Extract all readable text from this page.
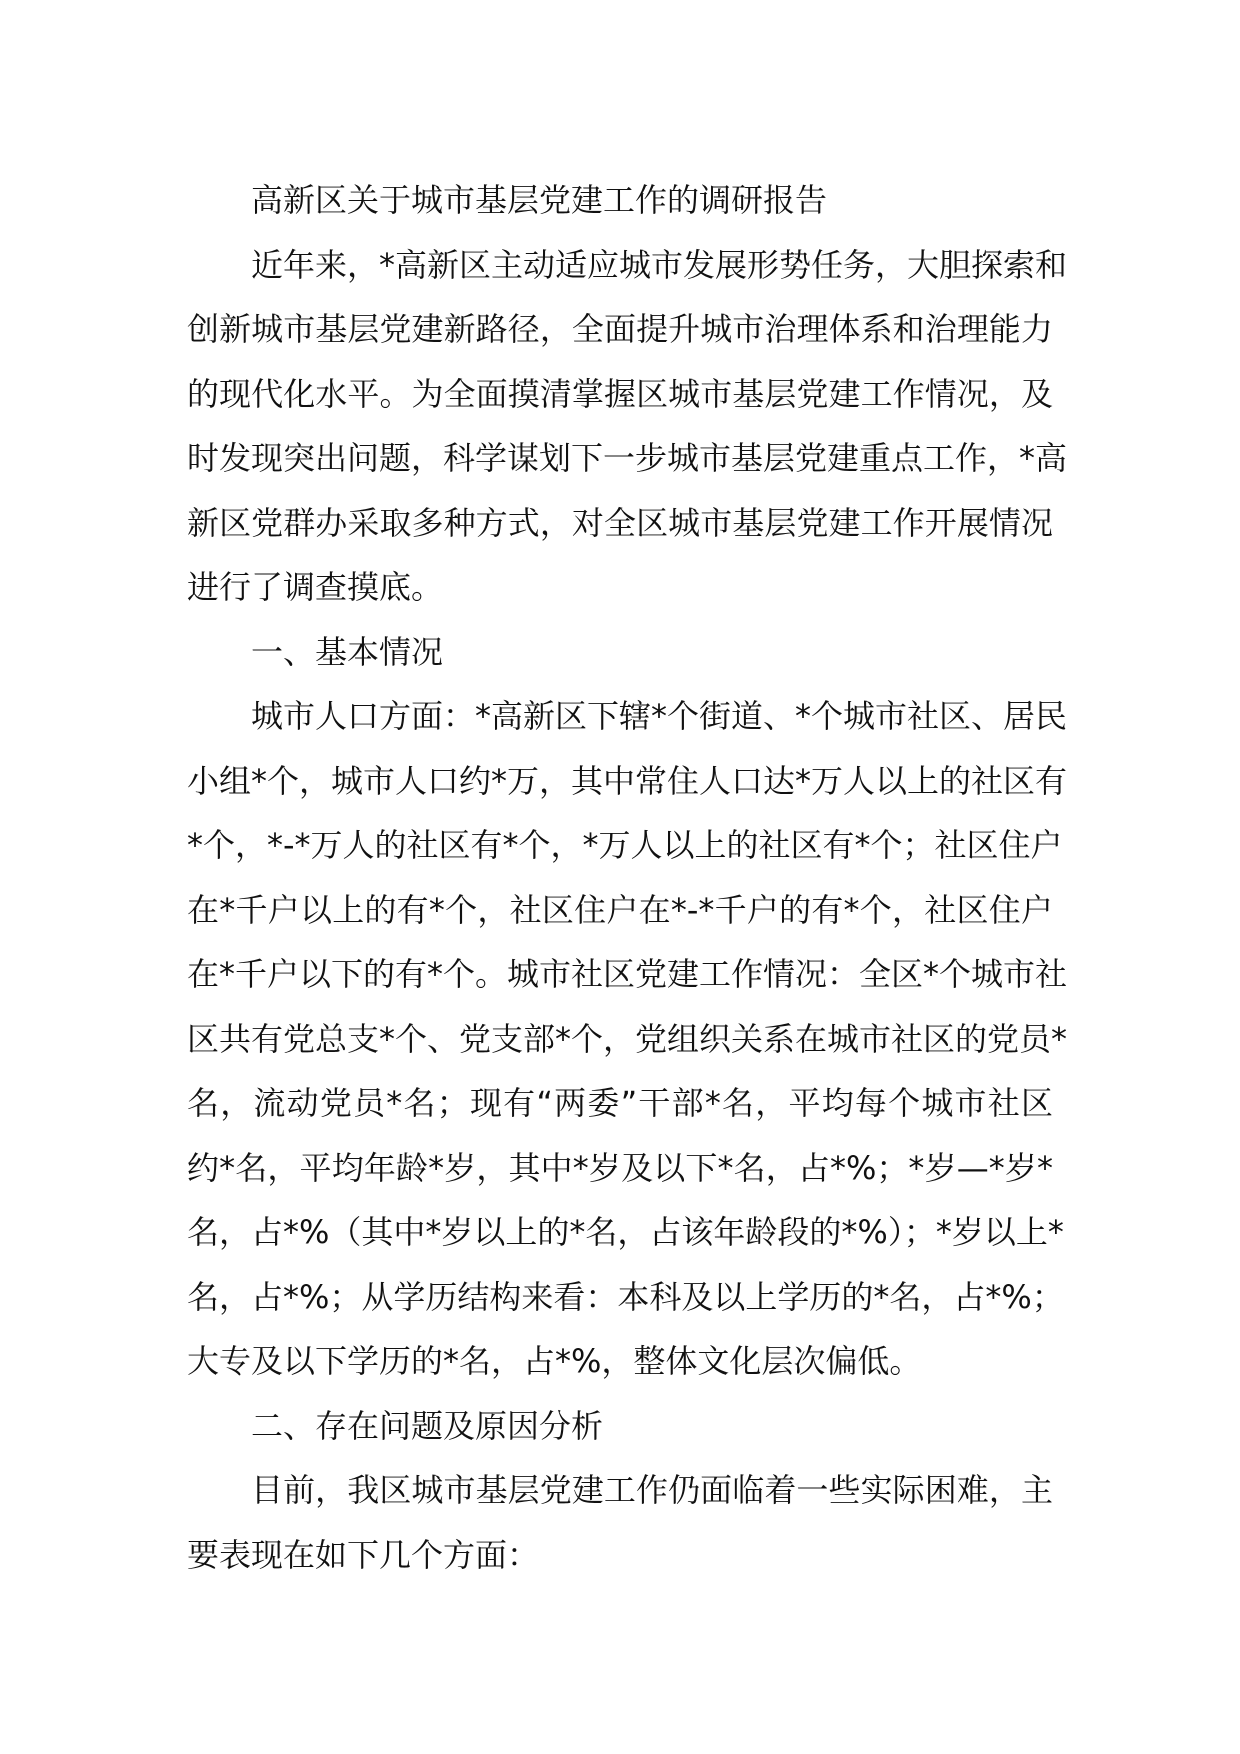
高新区关于城市基层党建工作的调研报告
近年来，*高新区主动适应城市发展形势任务，大胆探索和
创新城市基层党建新路径，全面提升城市治理体系和治理能力
的现代化水平。为全面摸清掌握区城市基层党建工作情况，及
时发现突出问题，科学谋划下一步城市基层党建重点工作，*高
新区党群办采取多种方式，对全区城市基层党建工作开展情况
进行了调查摸底。
一、基本情况
城市人口方面：*高新区下辖*个街道、*个城市社区、居民
小组*个，城市人口约*万，其中常住人口达*万人以上的社区有
*个，*-*万人的社区有*个，*万人以上的社区有*个；社区住户
在*千户以上的有*个，社区住户在*-*千户的有*个，社区住户
在*千户以下的有*个。城市社区党建工作情况：全区*个城市社
区共有党总支*个、党支部*个，党组织关系在城市社区的党员*
名，流动党员*名；现有“两委”干部*名，平均每个城市社区
约*名，平均年龄*岁，其中*岁及以下*名，占*%；*岁—*岁*
名，占*%（其中*岁以上的*名，占该年龄段的*%）；*岁以上*
名，占*%；从学历结构来看：本科及以上学历的*名，占*%；
大专及以下学历的*名，占*%，整体文化层次偏低。
二、存在问题及原因分析
目前，我区城市基层党建工作仍面临着一些实际困难，主
要表现在如下几个方面：
